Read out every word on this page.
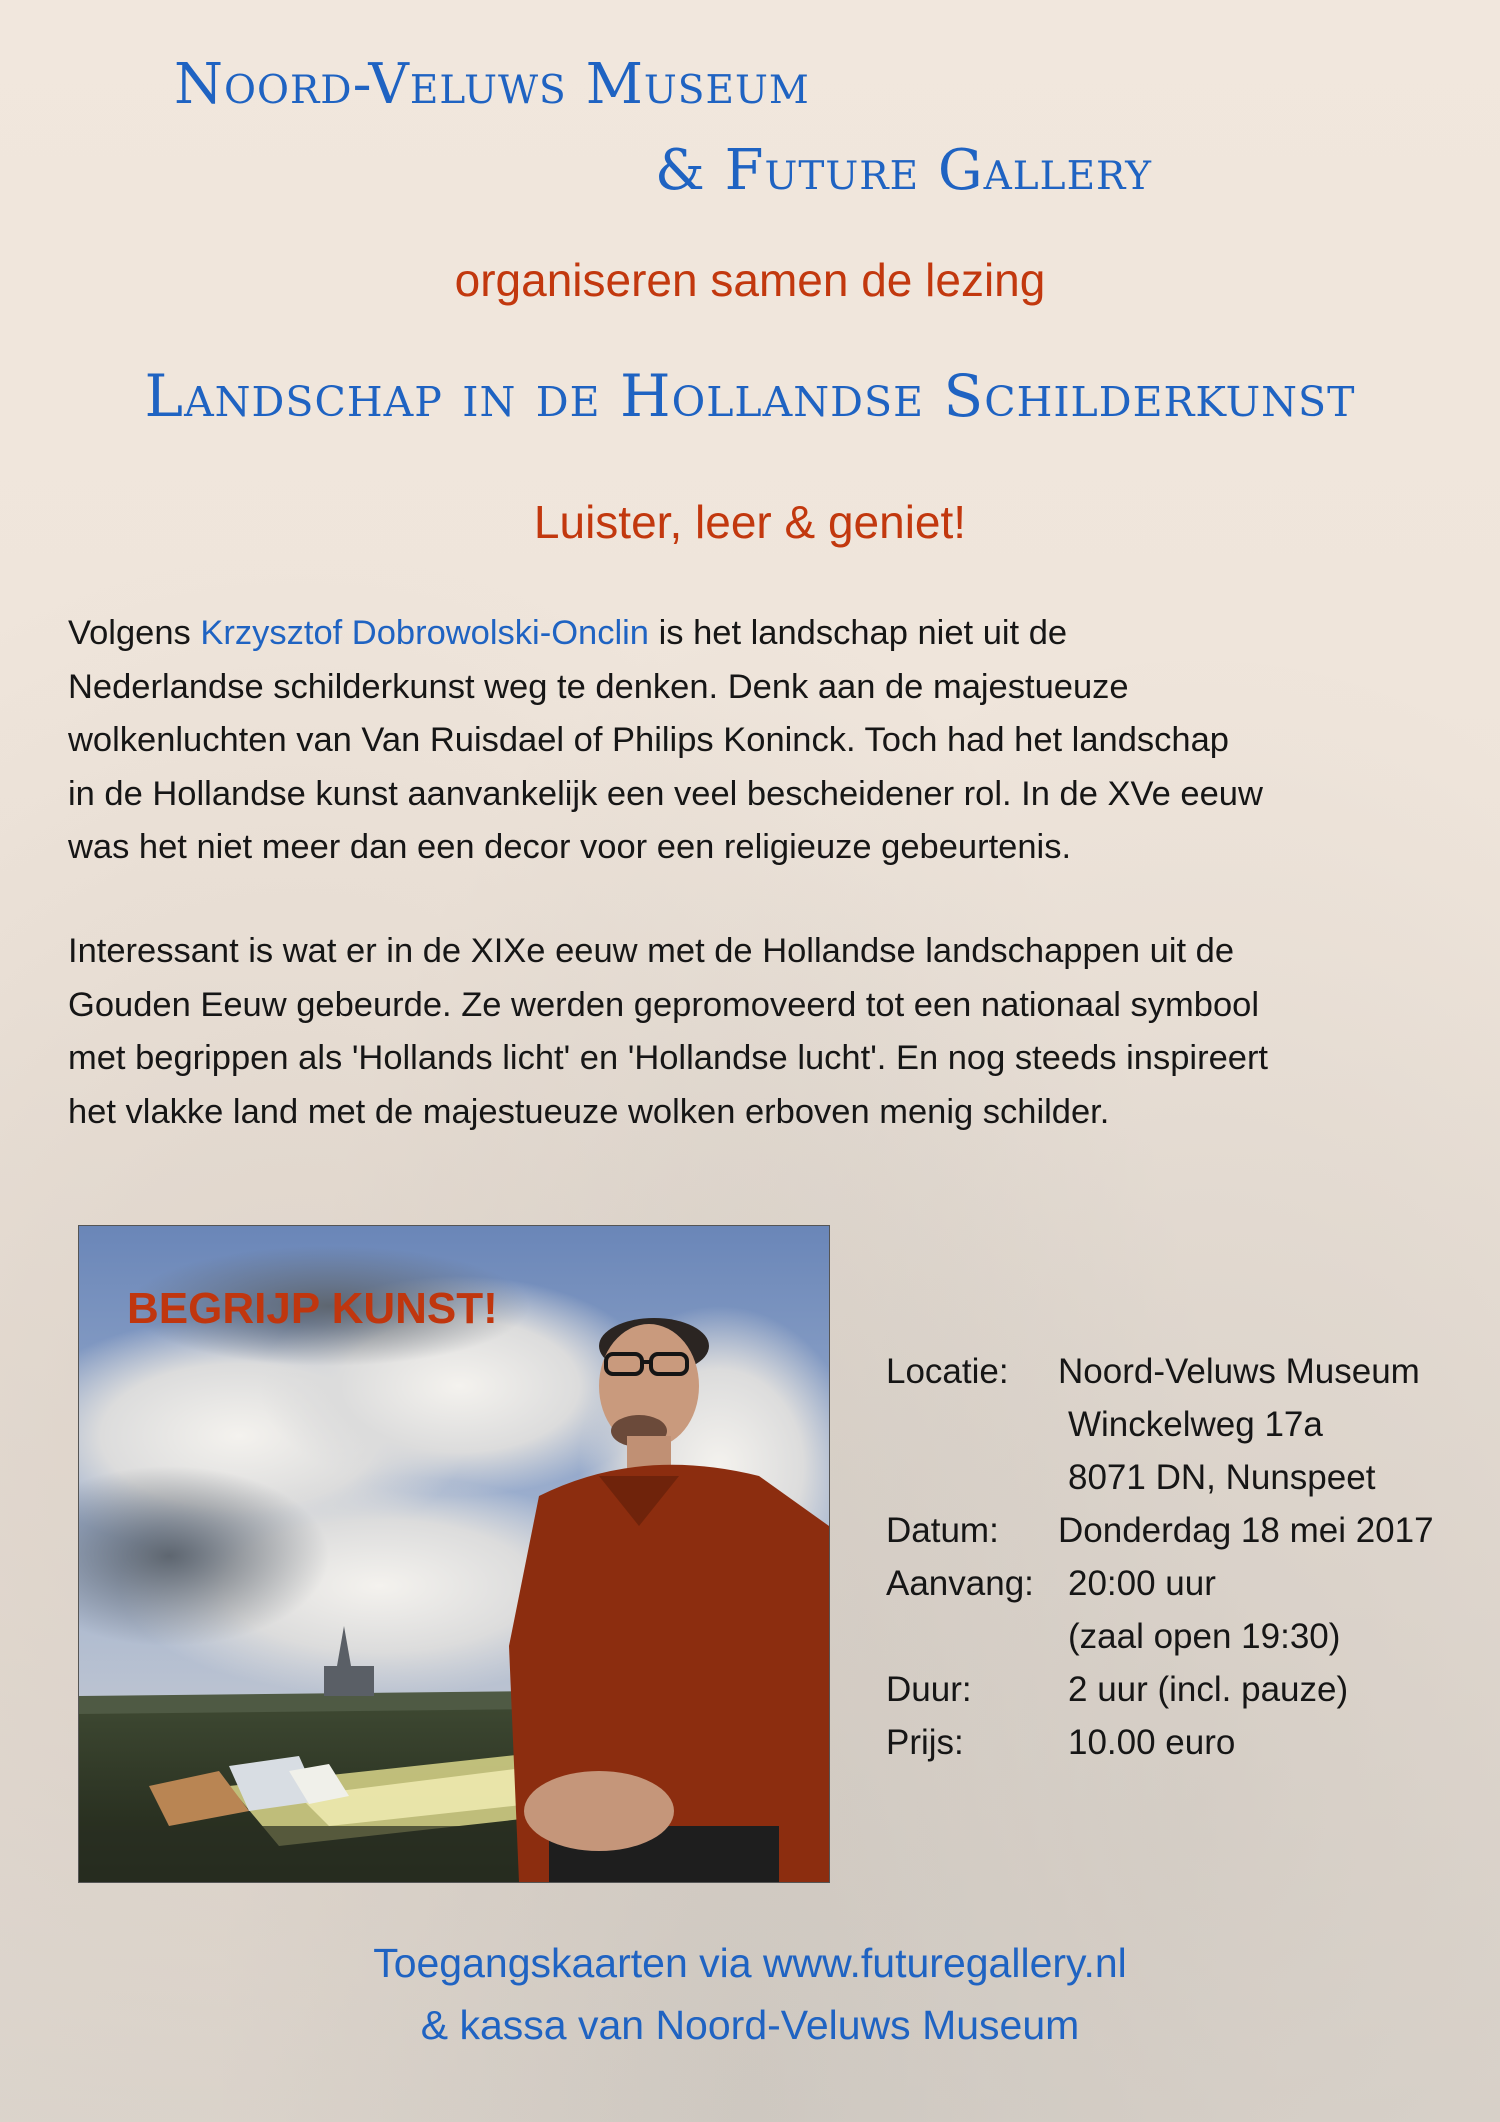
Noord-Veluws Museum
& Future Gallery
organiseren samen de lezing
Landschap in de Hollandse Schilderkunst
Luister, leer & geniet!
Volgens Krzysztof Dobrowolski-Onclin is het landschap niet uit de
Nederlandse schilderkunst weg te denken. Denk aan de majestueuze
wolkenluchten van Van Ruisdael of Philips Koninck. Toch had het landschap
in de Hollandse kunst aanvankelijk een veel bescheidener rol. In de XVe eeuw
was het niet meer dan een decor voor een religieuze gebeurtenis.
Interessant is wat er in de XIXe eeuw met de Hollandse landschappen uit de
Gouden Eeuw gebeurde. Ze werden gepromoveerd tot een nationaal symbool
met begrippen als 'Hollands licht' en 'Hollandse lucht'. En nog steeds inspireert
het vlakke land met de majestueuze wolken erboven menig schilder.
BEGRIJP KUNST!
Locatie: Noord-Veluws Museum
Winckelweg 17a
8071 DN, Nunspeet
Datum: Donderdag 18 mei 2017
Aanvang: 20:00 uur
(zaal open 19:30)
Duur:	2 uur (incl. pauze)
Prijs:	10.00 euro

Toegangskaarten via www.futuregallery.nl

& kassa van Noord-Veluws Museum
